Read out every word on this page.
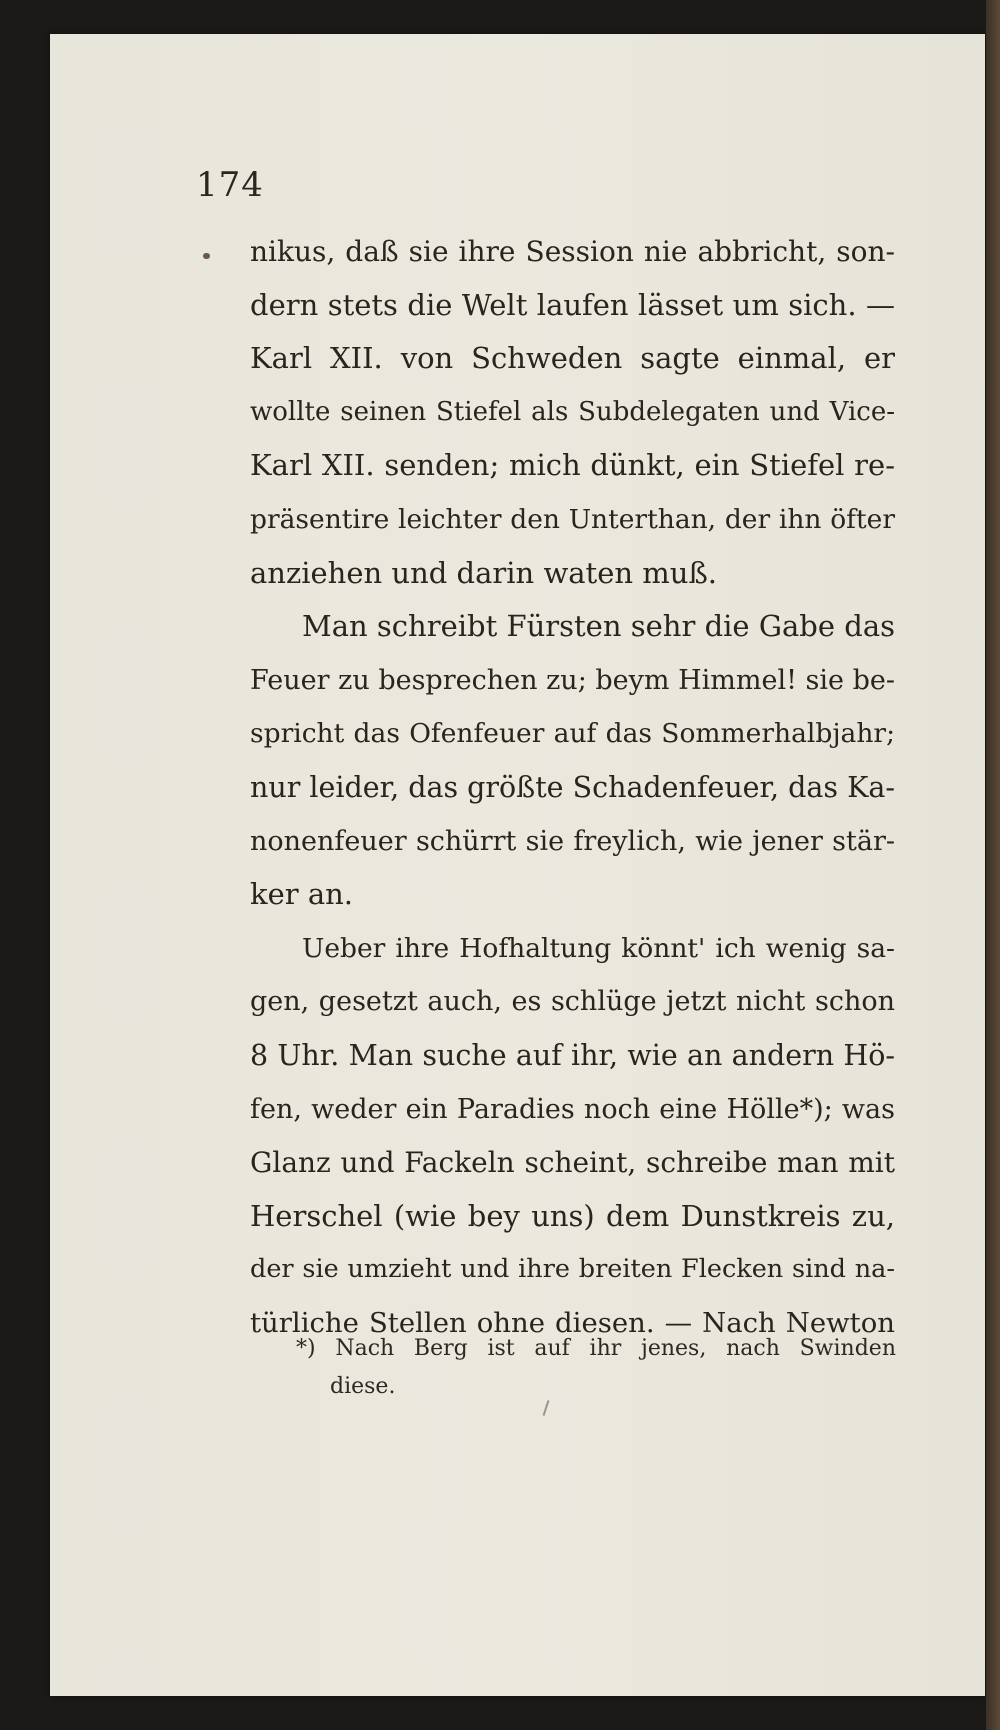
174
nikus, daß sie ihre Session nie abbricht, son-
dern stets die Welt laufen lässet um sich. —
Karl XII. von Schweden sagte einmal, er
wollte seinen Stiefel als Subdelegaten und Vice-
Karl XII. senden; mich dünkt, ein Stiefel re-
präsentire leichter den Unterthan, der ihn öfter
anziehen und darin waten muß.
Man schreibt Fürsten sehr die Gabe das
Feuer zu besprechen zu; beym Himmel! sie be-
spricht das Ofenfeuer auf das Sommerhalbjahr;
nur leider, das größte Schadenfeuer, das Ka-
nonenfeuer schürrt sie freylich, wie jener stär-
ker an.
Ueber ihre Hofhaltung könnt' ich wenig sa-
gen, gesetzt auch, es schlüge jetzt nicht schon
8 Uhr. Man suche auf ihr, wie an andern Hö-
fen, weder ein Paradies noch eine Hölle*); was
Glanz und Fackeln scheint, schreibe man mit
Herschel (wie bey uns) dem Dunstkreis zu,
der sie umzieht und ihre breiten Flecken sind na-
türliche Stellen ohne diesen. — Nach Newton
*) Nach Berg ist auf ihr jenes, nach Swinden
diese.
